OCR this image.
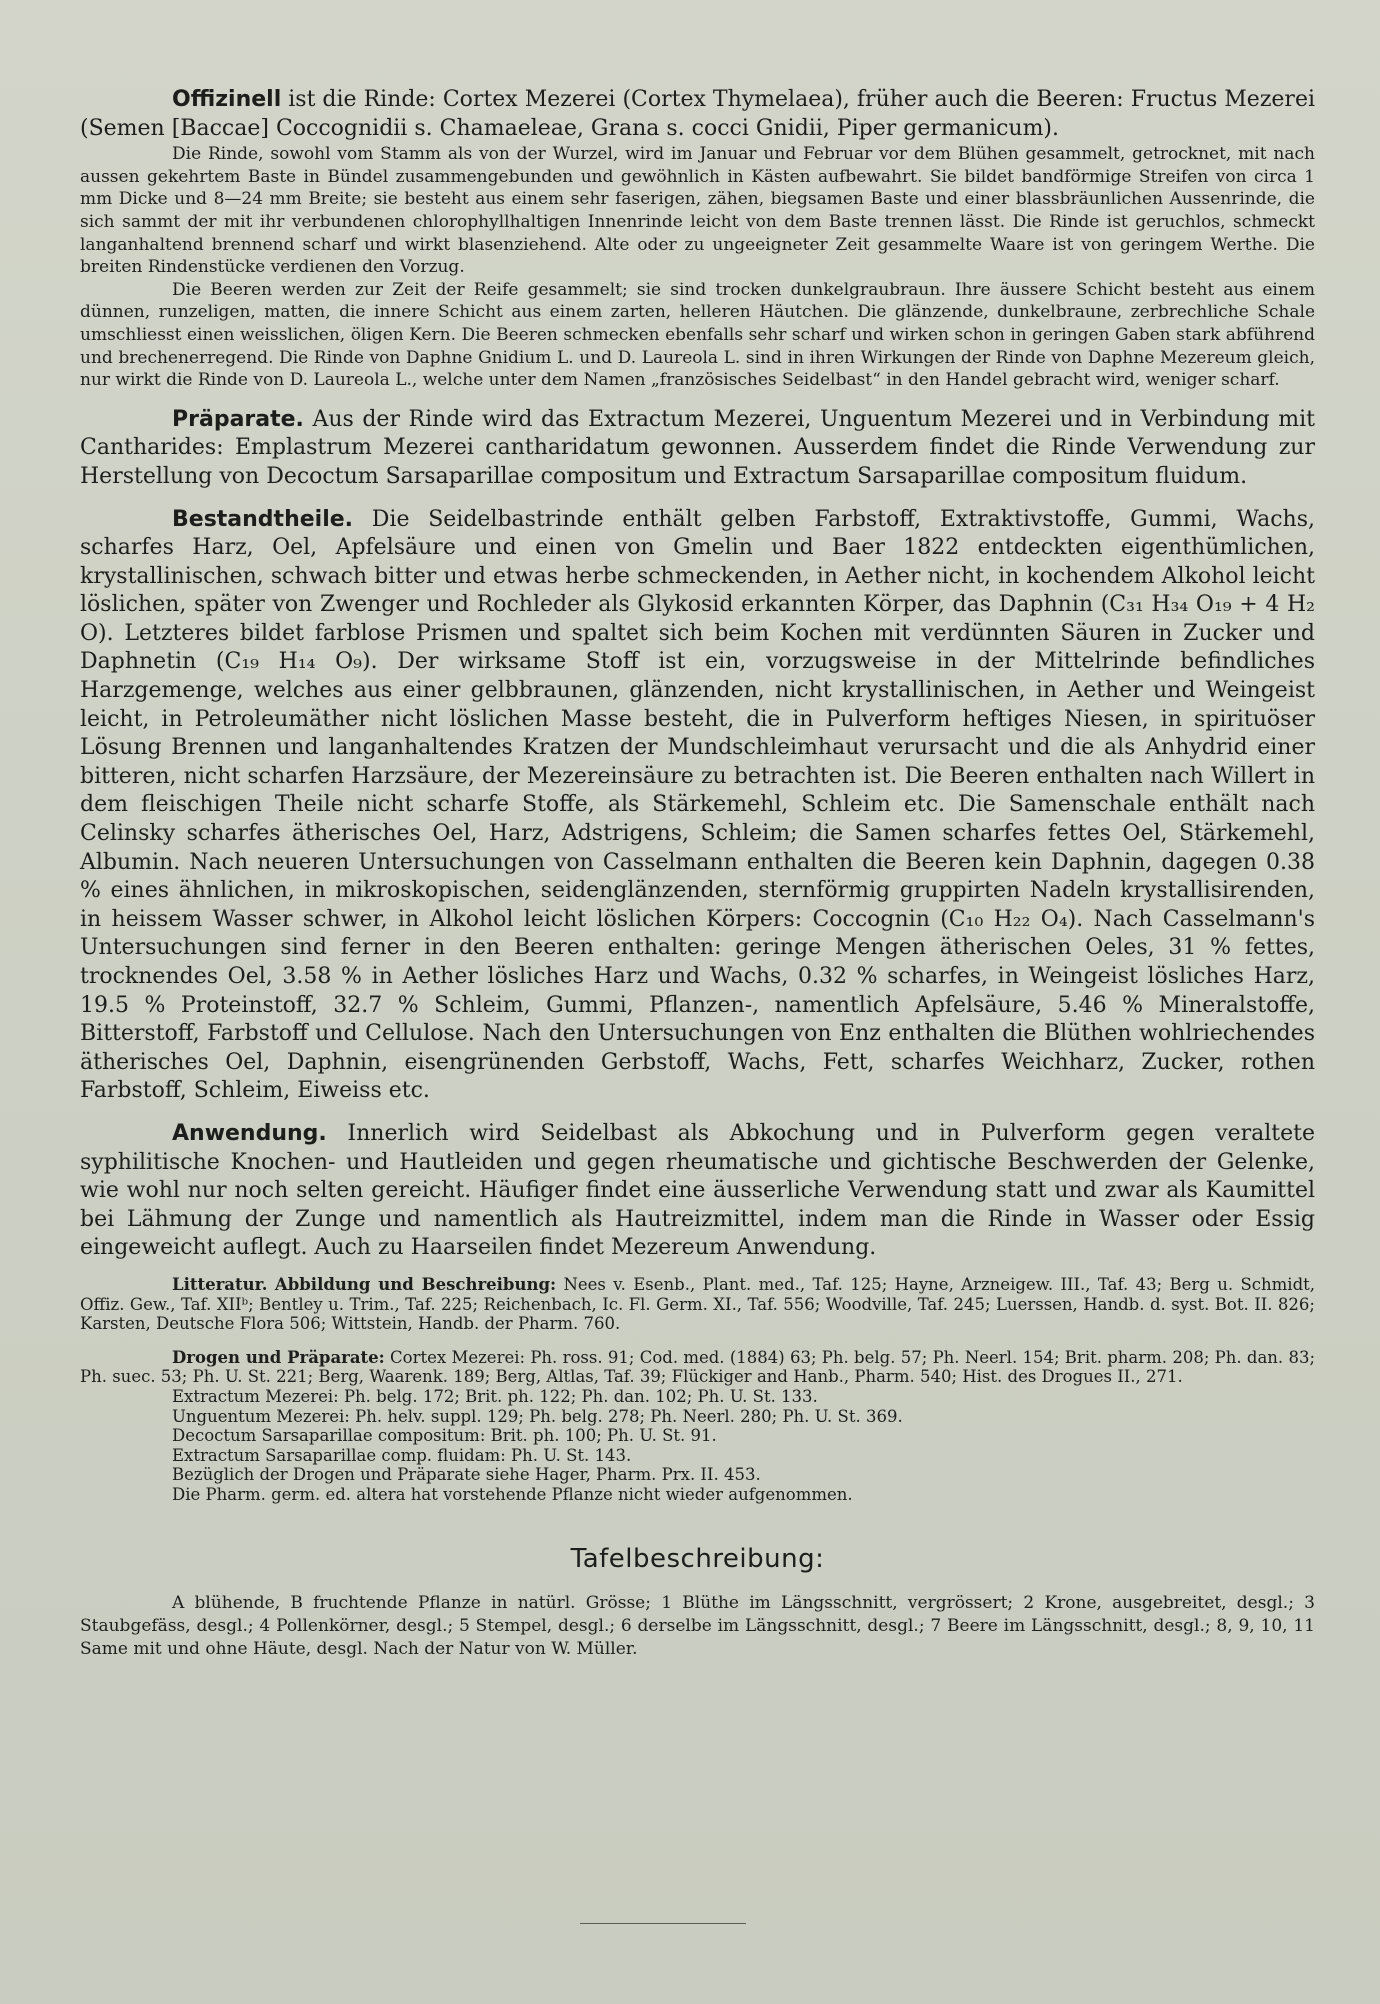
Offizinell ist die Rinde: Cortex Mezerei (Cortex Thymelaea), früher auch die Beeren: Fructus Mezerei (Semen [Baccae] Coccognidii s. Chamaeleae, Grana s. cocci Gnidii, Piper germanicum).

Die Rinde, sowohl vom Stamm als von der Wurzel, wird im Januar und Februar vor dem Blühen gesammelt, getrocknet, mit nach aussen gekehrtem Baste in Bündel zusammengebunden und gewöhnlich in Kästen aufbewahrt. Sie bildet bandförmige Streifen von circa 1 mm Dicke und 8—24 mm Breite; sie besteht aus einem sehr faserigen, zähen, biegsamen Baste und einer blassbräunlichen Aussenrinde, die sich sammt der mit ihr verbundenen chlorophyllhaltigen Innenrinde leicht von dem Baste trennen lässt. Die Rinde ist geruchlos, schmeckt langanhaltend brennend scharf und wirkt blasenziehend. Alte oder zu ungeeigneter Zeit gesammelte Waare ist von geringem Werthe. Die breiten Rindenstücke verdienen den Vorzug.

Die Beeren werden zur Zeit der Reife gesammelt; sie sind trocken dunkelgraubraun. Ihre äussere Schicht besteht aus einem dünnen, runzeligen, matten, die innere Schicht aus einem zarten, helleren Häutchen. Die glänzende, dunkelbraune, zerbrechliche Schale umschliesst einen weisslichen, öligen Kern. Die Beeren schmecken ebenfalls sehr scharf und wirken schon in geringen Gaben stark abführend und brechenerregend. Die Rinde von Daphne Gnidium L. und D. Laureola L. sind in ihren Wirkungen der Rinde von Daphne Mezereum gleich, nur wirkt die Rinde von D. Laureola L., welche unter dem Namen „französisches Seidelbast“ in den Handel gebracht wird, weniger scharf.

Präparate. Aus der Rinde wird das Extractum Mezerei, Unguentum Mezerei und in Verbindung mit Cantharides: Emplastrum Mezerei cantharidatum gewonnen. Ausserdem findet die Rinde Verwendung zur Herstellung von Decoctum Sarsaparillae compositum und Extractum Sarsaparillae compositum fluidum.

Bestandtheile. Die Seidelbastrinde enthält gelben Farbstoff, Extraktivstoffe, Gummi, Wachs, scharfes Harz, Oel, Apfelsäure und einen von Gmelin und Baer 1822 entdeckten eigenthümlichen, krystallinischen, schwach bitter und etwas herbe schmeckenden, in Aether nicht, in kochendem Alkohol leicht löslichen, später von Zwenger und Rochleder als Glykosid erkannten Körper, das Daphnin (C₃₁ H₃₄ O₁₉ + 4 H₂ O). Letzteres bildet farblose Prismen und spaltet sich beim Kochen mit verdünnten Säuren in Zucker und Daphnetin (C₁₉ H₁₄ O₉). Der wirksame Stoff ist ein, vorzugsweise in der Mittelrinde befindliches Harzgemenge, welches aus einer gelbbraunen, glänzenden, nicht krystallinischen, in Aether und Weingeist leicht, in Petroleumäther nicht löslichen Masse besteht, die in Pulverform heftiges Niesen, in spirituöser Lösung Brennen und langanhaltendes Kratzen der Mundschleimhaut verursacht und die als Anhydrid einer bitteren, nicht scharfen Harzsäure, der Mezereinsäure zu betrachten ist. Die Beeren enthalten nach Willert in dem fleischigen Theile nicht scharfe Stoffe, als Stärkemehl, Schleim etc. Die Samenschale enthält nach Celinsky scharfes ätherisches Oel, Harz, Adstrigens, Schleim; die Samen scharfes fettes Oel, Stärkemehl, Albumin. Nach neueren Untersuchungen von Casselmann enthalten die Beeren kein Daphnin, dagegen 0.38 % eines ähnlichen, in mikroskopischen, seidenglänzenden, sternförmig gruppirten Nadeln krystallisirenden, in heissem Wasser schwer, in Alkohol leicht löslichen Körpers: Coccognin (C₁₀ H₂₂ O₄). Nach Casselmann's Untersuchungen sind ferner in den Beeren enthalten: geringe Mengen ätherischen Oeles, 31 % fettes, trocknendes Oel, 3.58 % in Aether lösliches Harz und Wachs, 0.32 % scharfes, in Weingeist lösliches Harz, 19.5 % Proteinstoff, 32.7 % Schleim, Gummi, Pflanzen-, namentlich Apfelsäure, 5.46 % Mineralstoffe, Bitterstoff, Farbstoff und Cellulose. Nach den Untersuchungen von Enz enthalten die Blüthen wohlriechendes ätherisches Oel, Daphnin, eisengrünenden Gerbstoff, Wachs, Fett, scharfes Weichharz, Zucker, rothen Farbstoff, Schleim, Eiweiss etc.

Anwendung. Innerlich wird Seidelbast als Abkochung und in Pulverform gegen veraltete syphilitische Knochen- und Hautleiden und gegen rheumatische und gichtische Beschwerden der Gelenke, wie wohl nur noch selten gereicht. Häufiger findet eine äusserliche Verwendung statt und zwar als Kaumittel bei Lähmung der Zunge und namentlich als Hautreizmittel, indem man die Rinde in Wasser oder Essig eingeweicht auflegt. Auch zu Haarseilen findet Mezereum Anwendung.

Litteratur. Abbildung und Beschreibung: Nees v. Esenb., Plant. med., Taf. 125; Hayne, Arzneigew. III., Taf. 43; Berg u. Schmidt, Offiz. Gew., Taf. XIIᵇ; Bentley u. Trim., Taf. 225; Reichenbach, Ic. Fl. Germ. XI., Taf. 556; Woodville, Taf. 245; Luerssen, Handb. d. syst. Bot. II. 826; Karsten, Deutsche Flora 506; Wittstein, Handb. der Pharm. 760.

Drogen und Präparate: Cortex Mezerei: Ph. ross. 91; Cod. med. (1884) 63; Ph. belg. 57; Ph. Neerl. 154; Brit. pharm. 208; Ph. dan. 83; Ph. suec. 53; Ph. U. St. 221; Berg, Waarenk. 189; Berg, Altlas, Taf. 39; Flückiger and Hanb., Pharm. 540; Hist. des Drogues II., 271.

Extractum Mezerei: Ph. belg. 172; Brit. ph. 122; Ph. dan. 102; Ph. U. St. 133.

Unguentum Mezerei: Ph. helv. suppl. 129; Ph. belg. 278; Ph. Neerl. 280; Ph. U. St. 369.

Decoctum Sarsaparillae compositum: Brit. ph. 100; Ph. U. St. 91.

Extractum Sarsaparillae comp. fluidam: Ph. U. St. 143.

Bezüglich der Drogen und Präparate siehe Hager, Pharm. Prx. II. 453.

Die Pharm. germ. ed. altera hat vorstehende Pflanze nicht wieder aufgenommen.

Tafelbeschreibung:

A blühende, B fruchtende Pflanze in natürl. Grösse; 1 Blüthe im Längsschnitt, vergrössert; 2 Krone, ausgebreitet, desgl.; 3 Staubgefäss, desgl.; 4 Pollenkörner, desgl.; 5 Stempel, desgl.; 6 derselbe im Längsschnitt, desgl.; 7 Beere im Längsschnitt, desgl.; 8, 9, 10, 11 Same mit und ohne Häute, desgl. Nach der Natur von W. Müller.
